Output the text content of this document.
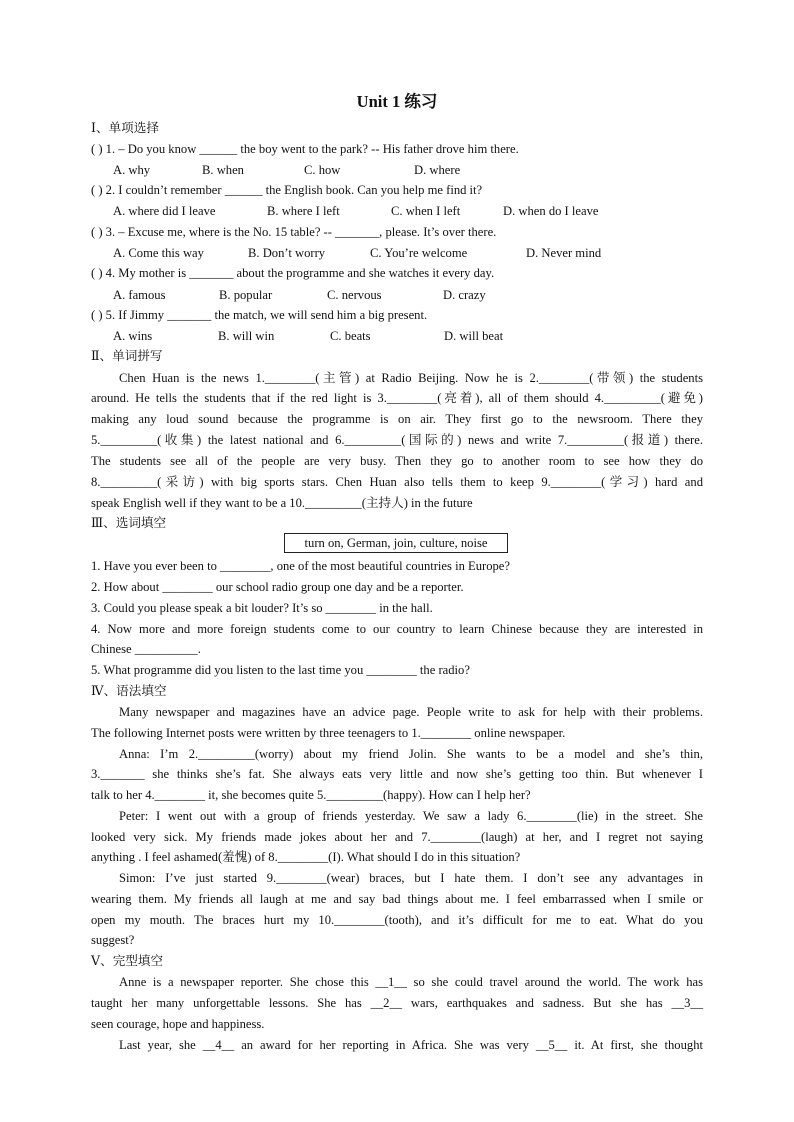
Unit 1 练习
Ⅰ、单项选择
( ) 1. – Do you know ______ the boy went to the park? -- His father drove him there.
A. why	B. when	C. how	D. where
( ) 2. I couldn’t remember ______ the English book. Can you help me find it?
A. where did I leave	B. where I left	C. when I left	D. when do I leave
( ) 3. – Excuse me, where is the No. 15 table? -- _______, please. It’s over there.
A. Come this way	B. Don’t worry	C. You’re welcome	D. Never mind
( ) 4. My mother is _______ about the programme and she watches it every day.
A. famous	B. popular	C. nervous	D. crazy
( ) 5. If Jimmy _______ the match, we will send him a big present.
A. wins	B. will win	C. beats	D. will beat
Ⅱ、单词拼写
Chen Huan is the news 1.________(主管) at Radio Beijing. Now he is 2.________(带领) the students
around. He tells the students that if the red light is 3.________(亮着), all of them should 4._________(避免)
making any loud sound because the programme is on air. They first go to the newsroom. There they
5._________(收集) the latest national and 6._________(国际的) news and write 7._________(报道) there.
The students see all of the people are very busy. Then they go to another room to see how they do
8._________(采访) with big sports stars. Chen Huan also tells them to keep 9.________(学习) hard and
speak English well if they want to be a 10._________(主持人) in the future
Ⅲ、选词填空
turn on, German, join, culture, noise
1. Have you ever been to ________, one of the most beautiful countries in Europe?
2. How about ________ our school radio group one day and be a reporter.
3. Could you please speak a bit louder? It’s so ________ in the hall.
4. Now more and more foreign students come to our country to learn Chinese because they are interested in
Chinese __________.
5. What programme did you listen to the last time you ________ the radio?
Ⅳ、语法填空
Many newspaper and magazines have an advice page. People write to ask for help with their problems.
The following Internet posts were written by three teenagers to 1.________ online newspaper.
Anna: I’m 2._________(worry) about my friend Jolin. She wants to be a model and she’s thin,
3._______ she thinks she’s fat. She always eats very little and now she’s getting too thin. But whenever I
talk to her 4.________ it, she becomes quite 5._________(happy). How can I help her?
Peter: I went out with a group of friends yesterday. We saw a lady 6.________(lie) in the street. She
looked very sick. My friends made jokes about her and 7.________(laugh) at her, and I regret not saying
anything . I feel ashamed(羞愧) of 8.________(I). What should I do in this situation?
Simon: I’ve just started 9.________(wear) braces, but I hate them. I don’t see any advantages in
wearing them. My friends all laugh at me and say bad things about me. I feel embarrassed when I smile or
open my mouth. The braces hurt my 10.________(tooth), and it’s difficult for me to eat. What do you
suggest?
Ⅴ、完型填空
Anne is a newspaper reporter. She chose this __1__ so she could travel around the world. The work has
taught her many unforgettable lessons. She has __2__ wars, earthquakes and sadness. But she has __3__
seen courage, hope and happiness.
Last year, she __4__ an award for her reporting in Africa. She was very __5__ it. At first, she thought
